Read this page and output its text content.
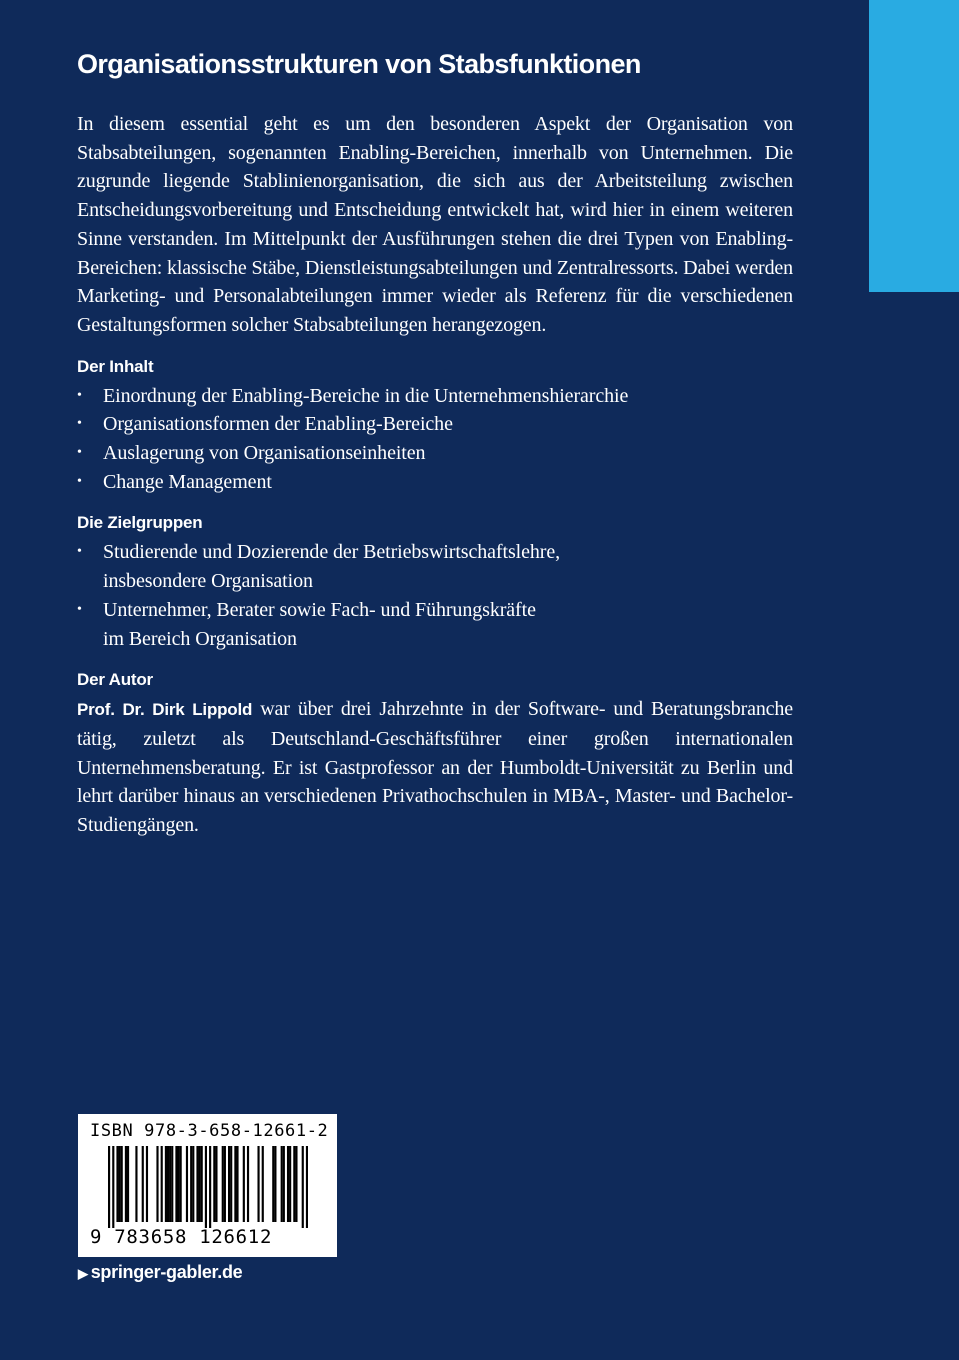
Organisationsstrukturen von Stabsfunktionen

In diesem essential geht es um den besonderen Aspekt der Organisation von Stabsabteilungen, sogenannten Enabling-Bereichen, innerhalb von Unternehmen. Die zugrunde liegende Stablinienorganisation, die sich aus der Arbeitsteilung zwischen Entscheidungsvorbereitung und Entscheidung entwickelt hat, wird hier in einem weiteren Sinne verstanden. Im Mittelpunkt der Ausführungen stehen die drei Typen von Enabling-Bereichen: klassische Stäbe, Dienstleistungsabteilungen und Zentralressorts. Dabei werden Marketing- und Personalabteilungen immer wieder als Referenz für die verschiedenen Gestaltungsformen solcher Stabsabteilungen herangezogen.

Der Inhalt
• Einordnung der Enabling-Bereiche in die Unternehmenshierarchie
• Organisationsformen der Enabling-Bereiche
• Auslagerung von Organisationseinheiten
• Change Management
Die Zielgruppen
• Studierende und Dozierende der Betriebswirtschaftslehre,
insbesondere Organisation
• Unternehmer, Berater sowie Fach- und Führungskräfte
im Bereich Organisation
Der Autor

Prof. Dr. Dirk Lippold war über drei Jahrzehnte in der Software- und Beratungsbranche tätig, zuletzt als Deutschland-Geschäftsführer einer großen internationalen Unternehmensberatung. Er ist Gastprofessor an der Humboldt-Universität zu Berlin und lehrt darüber hinaus an verschiedenen Privathochschulen in MBA-, Master- und Bachelor- Studiengängen.

ISBN 978-3-658-12661-2
9 783658 126612
▶ springer-gabler.de
